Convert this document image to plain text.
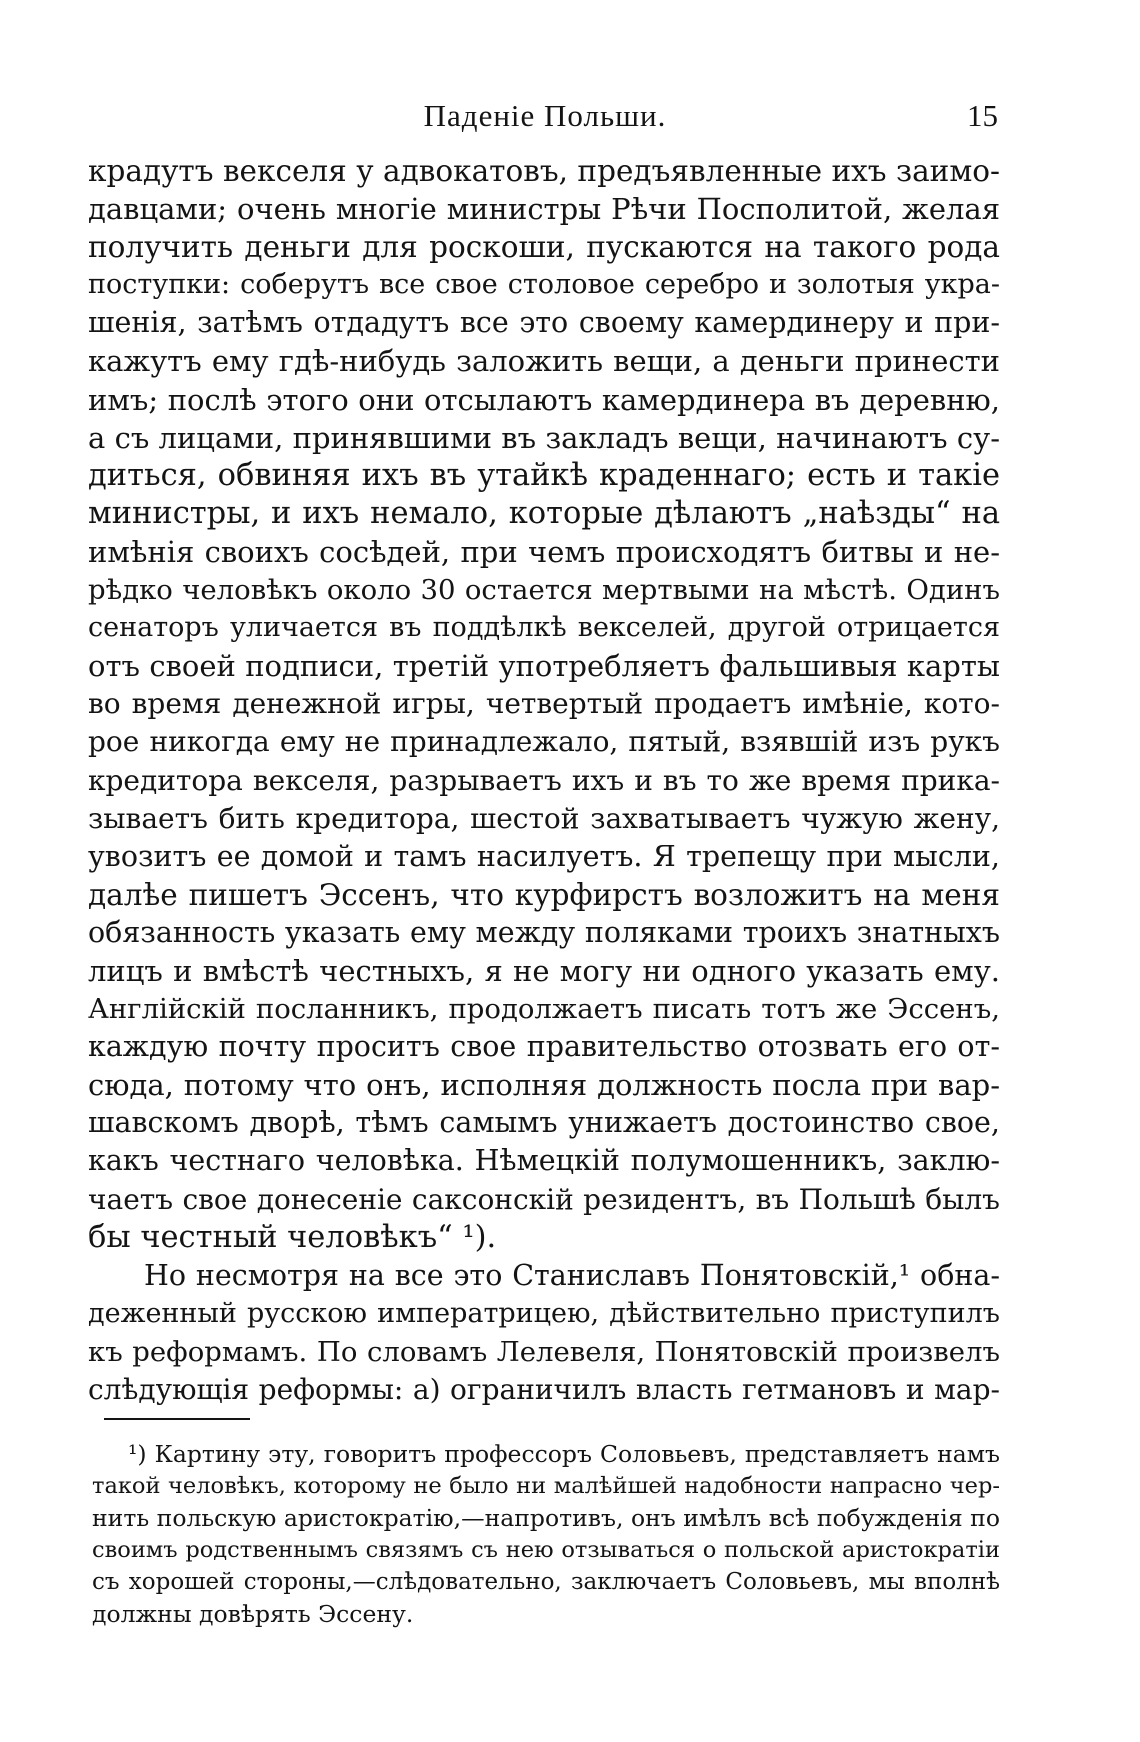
Паденіе Польши.	15
крадутъ векселя у адвокатовъ, предъявленные ихъ заимо-
давцами; очень многіе министры Рѣчи Посполитой, желая
получить деньги для роскоши, пускаются на такого рода
поступки: соберутъ все свое столовое серебро и золотыя укра-
шенія, затѣмъ отдадутъ все это своему камердинеру и при-
кажутъ ему гдѣ-нибудь заложить вещи, а деньги принести
имъ; послѣ этого они отсылаютъ камердинера въ деревню,
а съ лицами, принявшими въ закладъ вещи, начинаютъ су-
диться, обвиняя ихъ въ утайкѣ краденнаго; есть и такіе
министры, и ихъ немало, которые дѣлаютъ „наѣзды“ на
имѣнія своихъ сосѣдей, при чемъ происходятъ битвы и не-
рѣдко человѣкъ около 30 остается мертвыми на мѣстѣ. Одинъ
сенаторъ уличается въ поддѣлкѣ векселей, другой отрицается
отъ своей подписи, третій употребляетъ фальшивыя карты
во время денежной игры, четвертый продаетъ имѣніе, кото-
рое никогда ему не принадлежало, пятый, взявшій изъ рукъ
кредитора векселя, разрываетъ ихъ и въ то же время прика-
зываетъ бить кредитора, шестой захватываетъ чужую жену,
увозитъ ее домой и тамъ насилуетъ. Я трепещу при мысли,
далѣе пишетъ Эссенъ, что курфирстъ возложитъ на меня
обязанность указать ему между поляками троихъ знатныхъ
лицъ и вмѣстѣ честныхъ, я не могу ни одного указать ему.
Англійскій посланникъ, продолжаетъ писать тотъ же Эссенъ,
каждую почту проситъ свое правительство отозвать его от-
сюда, потому что онъ, исполняя должность посла при вар-
шавскомъ дворѣ, тѣмъ самымъ унижаетъ достоинство свое,
какъ честнаго человѣка. Нѣмецкій полумошенникъ, заклю-
чаетъ свое донесеніе саксонскій резидентъ, въ Польшѣ былъ
бы честный человѣкъ“ ¹).
Но несмотря на все это Станиславъ Понятовскій,¹ обна-
деженный русскою императрицею, дѣйствительно приступилъ
къ реформамъ. По словамъ Лелевеля, Понятовскій произвелъ
слѣдующія реформы: а) ограничилъ власть гетмановъ и мар-
¹) Картину эту, говоритъ профессоръ Соловьевъ, представляетъ намъ
такой человѣкъ, которому не было ни малѣйшей надобности напрасно чер-
нить польскую аристократію,—напротивъ, онъ имѣлъ всѣ побужденія по
своимъ родственнымъ связямъ съ нею отзываться о польской аристократіи
съ хорошей стороны,—слѣдовательно, заключаетъ Соловьевъ, мы вполнѣ
должны довѣрять Эссену.
